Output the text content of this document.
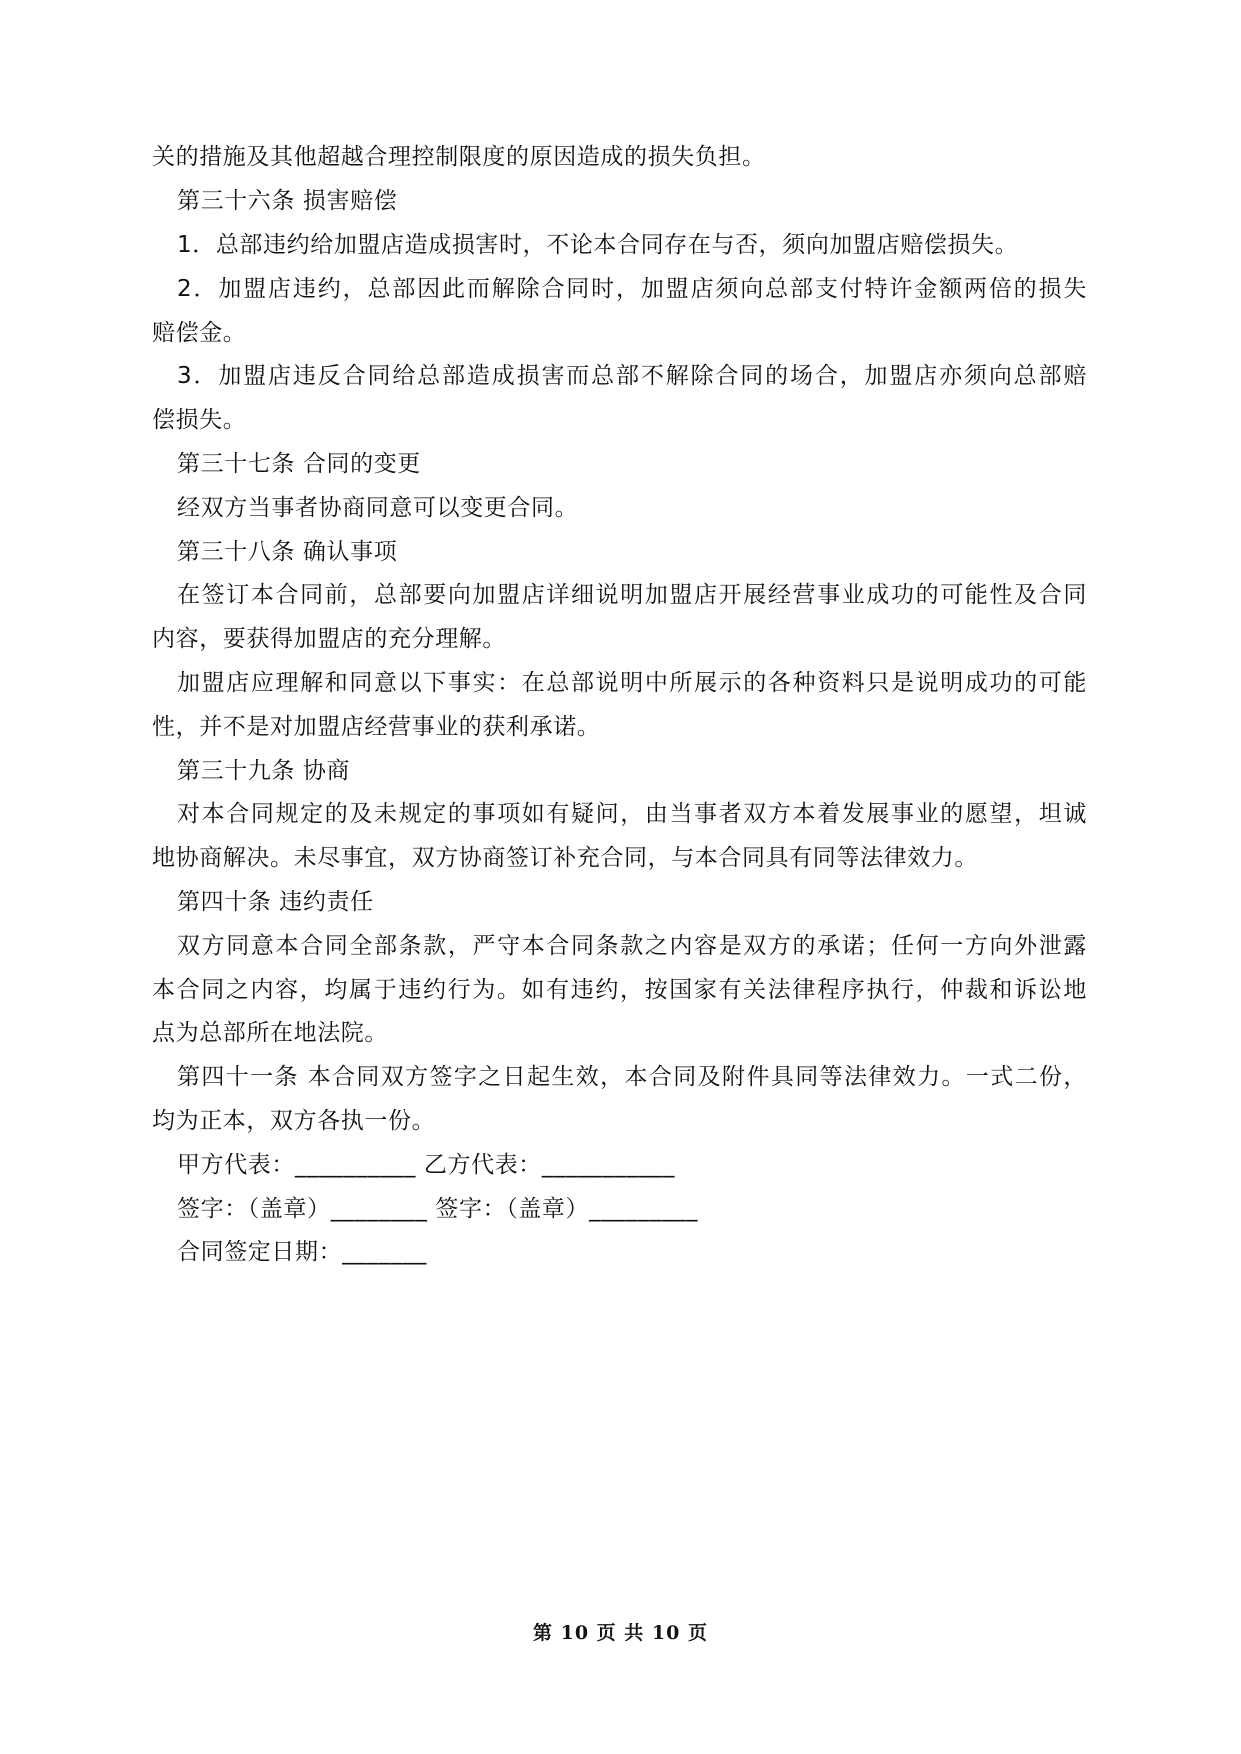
关的措施及其他超越合理控制限度的原因造成的损失负担。
第三十六条 损害赔偿
1．总部违约给加盟店造成损害时，不论本合同存在与否，须向加盟店赔偿损失。
2．加盟店违约，总部因此而解除合同时，加盟店须向总部支付特许金额两倍的损失
赔偿金。
3．加盟店违反合同给总部造成损害而总部不解除合同的场合，加盟店亦须向总部赔
偿损失。
第三十七条 合同的变更
经双方当事者协商同意可以变更合同。
第三十八条 确认事项
在签订本合同前，总部要向加盟店详细说明加盟店开展经营事业成功的可能性及合同
内容，要获得加盟店的充分理解。
加盟店应理解和同意以下事实：在总部说明中所展示的各种资料只是说明成功的可能
性，并不是对加盟店经营事业的获利承诺。
第三十九条 协商
对本合同规定的及未规定的事项如有疑问，由当事者双方本着发展事业的愿望，坦诚
地协商解决。未尽事宜，双方协商签订补充合同，与本合同具有同等法律效力。
第四十条 违约责任
双方同意本合同全部条款，严守本合同条款之内容是双方的承诺；任何一方向外泄露
本合同之内容，均属于违约行为。如有违约，按国家有关法律程序执行，仲裁和诉讼地
点为总部所在地法院。
第四十一条 本合同双方签字之日起生效，本合同及附件具同等法律效力。一式二份，
均为正本，双方各执一份。
甲方代表：__________ 乙方代表：___________
签字：（盖章）________ 签字：（盖章）_________
合同签定日期：_______
第 10 页 共 10 页
